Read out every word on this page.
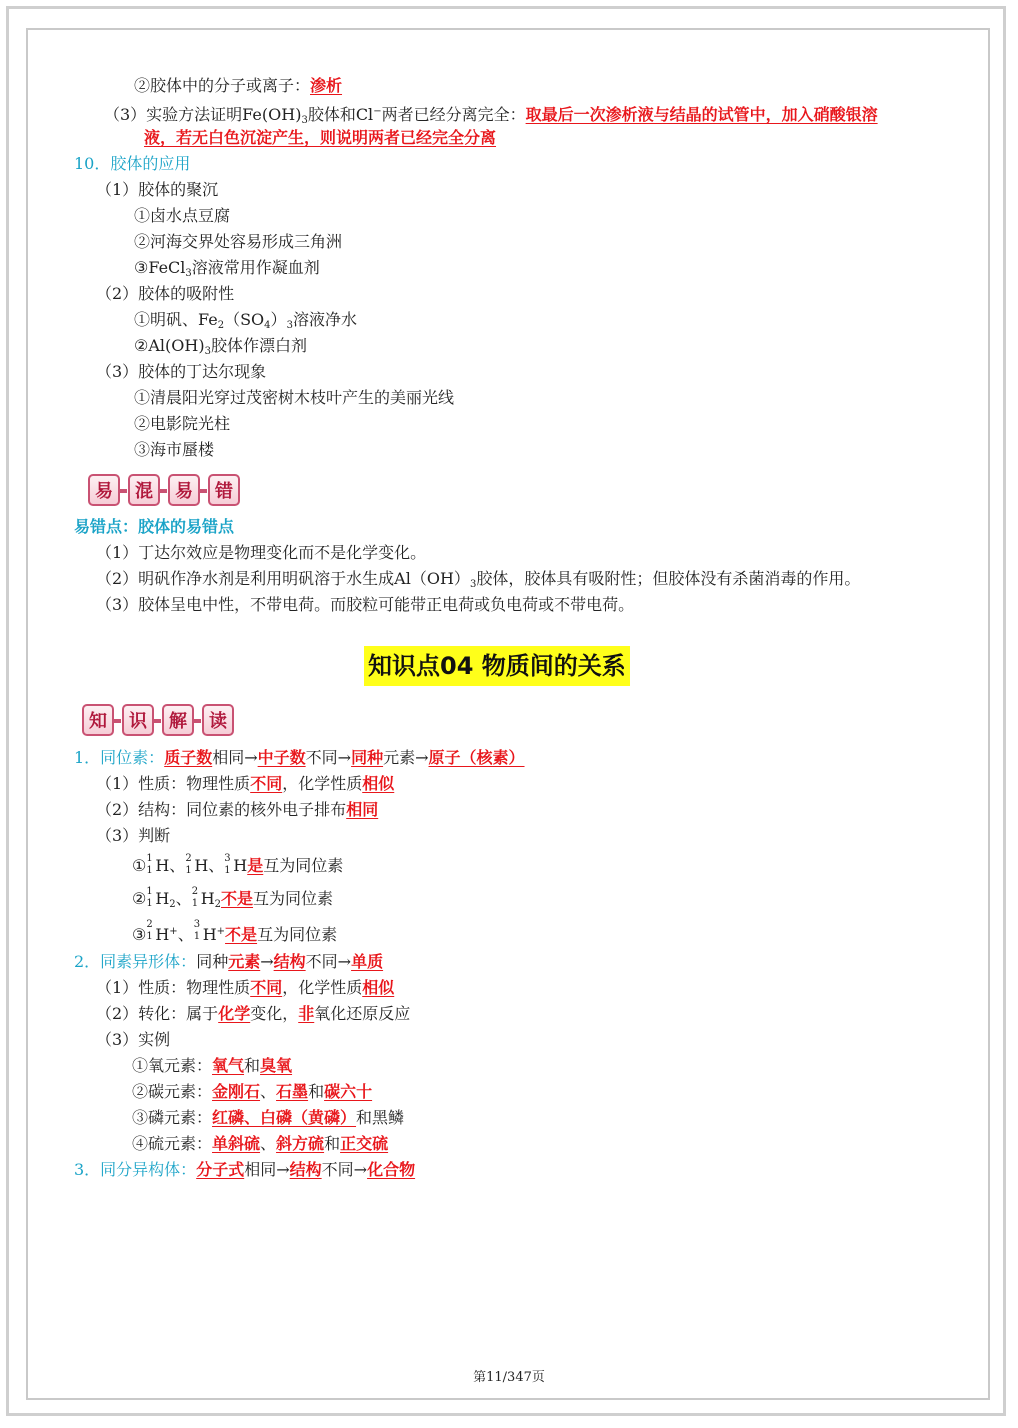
②胶体中的分子或离子：渗析
（3）实验方法证明$Fe(OH)_3$胶体和Cl−两者已经分离完全：取最后一次渗析液与结晶的试管中，加入硝酸银溶
液，若无白色沉淀产生，则说明两者已经完全分离
10．胶体的应用
（1）胶体的聚沉
①卤水点豆腐
②河海交界处容易形成三角洲
③FeCl$_3$溶液常用作凝血剂
（2）胶体的吸附性
①明矾、$Fe_2(SO_4)_3$溶液净水
$②Al(OH)_3$胶体作漂白剂
（3）胶体的丁达尔现象
①清晨阳光穿过茂密树木枝叶产生的美丽光线
②电影院光柱
③海市蜃楼
易	混	易	错
易错点：胶体的易错点
（1）丁达尔效应是物理变化而不是化学变化。
（2）明矾作净水剂是利用明矾溶于水生成$Al(OH)_3$胶体，胶体具有吸附性；但胶体没有杀菌消毒的作用。
（3）胶体呈电中性，不带电荷。而胶粒可能带正电荷或负电荷或不带电荷。
知识点04 物质间的关系
知	识	解	读
1．同位素：质子数相同→中子数不同→同种元素→原子（核素）
（1）性质：物理性质不同，化学性质相似
（2）结构：同位素的核外电子排布相同
（3）判断
① 1
1 H、 2
1 H、 3
1 H是互为同位素
② 1
1 $H_2$、 2
1 $H_2$不是互为同位素
③
2
1 H+、
3
1 H+不是互为同位素
2．同素异形体：同种元素→结构不同→单质
（1）性质：物理性质不同，化学性质相似
（2）转化：属于化学变化，非氧化还原反应
（3）实例
①氧元素：氧气和臭氧
②碳元素：金刚石、石墨和碳六十
③磷元素：红磷、白磷（黄磷）和黑鳞
④硫元素：单斜硫、斜方硫和正交硫
3．同分异构体：分子式相同→结构不同→化合物
第11/347页
